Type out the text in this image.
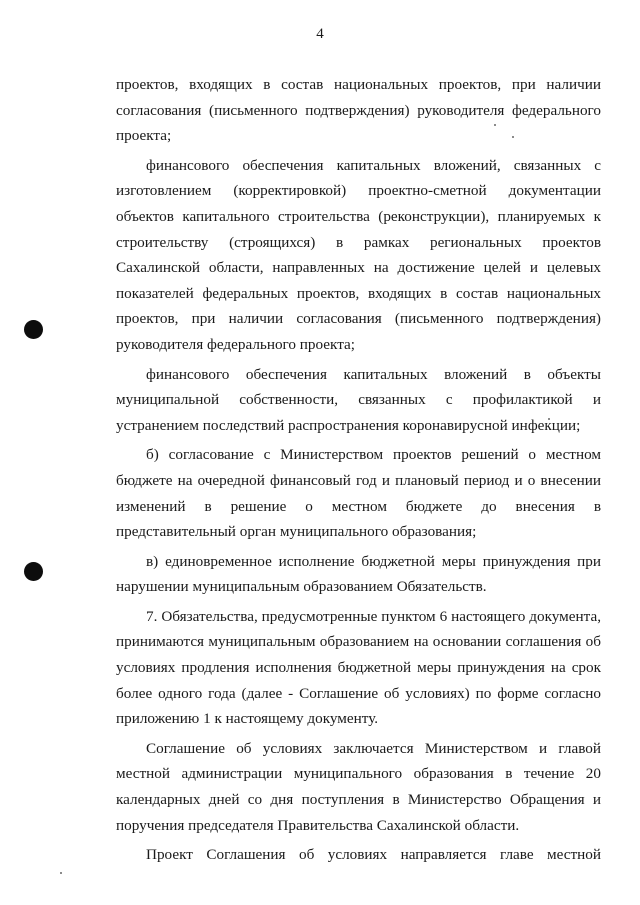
4

проектов, входящих в состав национальных проектов, при наличии согласования (письменного подтверждения) руководителя федерального проекта;

финансового обеспечения капитальных вложений, связанных с изготовлением (корректировкой) проектно-сметной документации объектов капитального строительства (реконструкции), планируемых к строительству (строящихся) в рамках региональных проектов Сахалинской области, направленных на достижение целей и целевых показателей федеральных проектов, входящих в состав национальных проектов, при наличии согласования (письменного подтверждения) руководителя федерального проекта;

финансового обеспечения капитальных вложений в объекты муниципальной собственности, связанных с профилактикой и устранением последствий распространения коронавирусной инфекции;

б) согласование с Министерством проектов решений о местном бюджете на очередной финансовый год и плановый период и о внесении изменений в решение о местном бюджете до внесения в представительный орган муниципального образования;

в) единовременное исполнение бюджетной меры принуждения при нарушении муниципальным образованием Обязательств.

7. Обязательства, предусмотренные пунктом 6 настоящего документа, принимаются муниципальным образованием на основании соглашения об условиях продления исполнения бюджетной меры принуждения на срок более одного года (далее - Соглашение об условиях) по форме согласно приложению 1 к настоящему документу.

Соглашение об условиях заключается Министерством и главой местной администрации муниципального образования в течение 20 календарных дней со дня поступления в Министерство Обращения и поручения председателя Правительства Сахалинской области.

Проект Соглашения об условиях направляется главе местной
